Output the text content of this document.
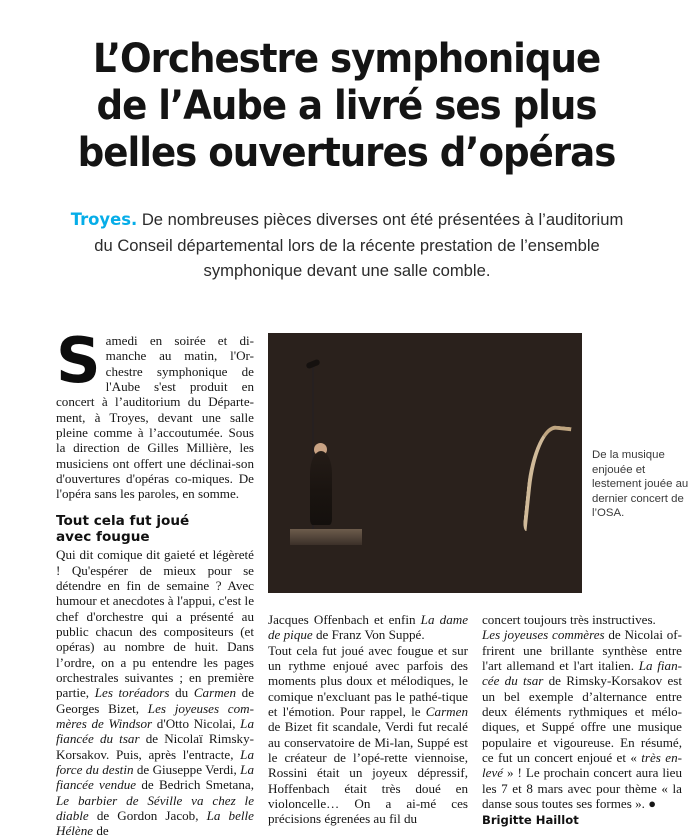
L’Orchestre symphonique
de l’Aube a livré ses plus
belles ouvertures d’opéras
Troyes. De nombreuses pièces diverses ont été présentées à l’auditorium du Conseil départemental lors de la récente prestation de l’ensemble symphonique devant une salle comble.
De la musique enjouée et lestement jouée au dernier concert de l’OSA.

Samedi en soirée et di-manche au matin, l'Or-chestre symphonique de l'Aube s'est produit en concert à l’auditorium du Départe-ment, à Troyes, devant une salle pleine comme à l’accoutumée. Sous la direction de Gilles Millière, les musiciens ont offert une déclinai-son d'ouvertures d'opéras co-miques. De l'opéra sans les paroles, en somme.

Tout cela fut joué
avec fougue

Qui dit comique dit gaieté et légèreté ! Qu'espérer de mieux pour se détendre en fin de semaine ? Avec humour et anecdotes à l'appui, c'est le chef d'orchestre qui a présenté au public chacun des compositeurs (et opéras) au nombre de huit. Dans l’ordre, on a pu entendre les pages orchestrales suivantes ; en première partie, Les toréadors du Carmen de Georges Bizet, Les joyeuses com-mères de Windsor d'Otto Nicolai, La fiancée du tsar de Nicolaï Rimsky-Korsakov. Puis, après l'entracte, La force du destin de Giuseppe Verdi, La fiancée vendue de Bedrich Smetana, Le barbier de Séville va chez le diable de Gordon Jacob, La belle Hélène de

Jacques Offenbach et enfin La dame de pique de Franz Von Suppé.

Tout cela fut joué avec fougue et sur un rythme enjoué avec parfois des moments plus doux et mélodiques, le comique n'excluant pas le pathé-tique et l'émotion. Pour rappel, le Carmen de Bizet fit scandale, Verdi fut recalé au conservatoire de Mi-lan, Suppé est le créateur de l’opé-rette viennoise, Rossini était un joyeux dépressif, Hoffenbach était très doué en violoncelle… On a ai-mé ces précisions égrenées au fil du

concert toujours très instructives.
Les joyeuses commères de Nicolai of-frirent une brillante synthèse entre l'art allemand et l'art italien. La fian-cée du tsar de Rimsky-Korsakov est un bel exemple d’alternance entre deux éléments rythmiques et mélo-diques, et Suppé offre une musique populaire et vigoureuse. En résumé, ce fut un concert enjoué et « très en-levé » ! Le prochain concert aura lieu les 7 et 8 mars avec pour thème « la danse sous toutes ses formes ». ●

Brigitte Haillot
